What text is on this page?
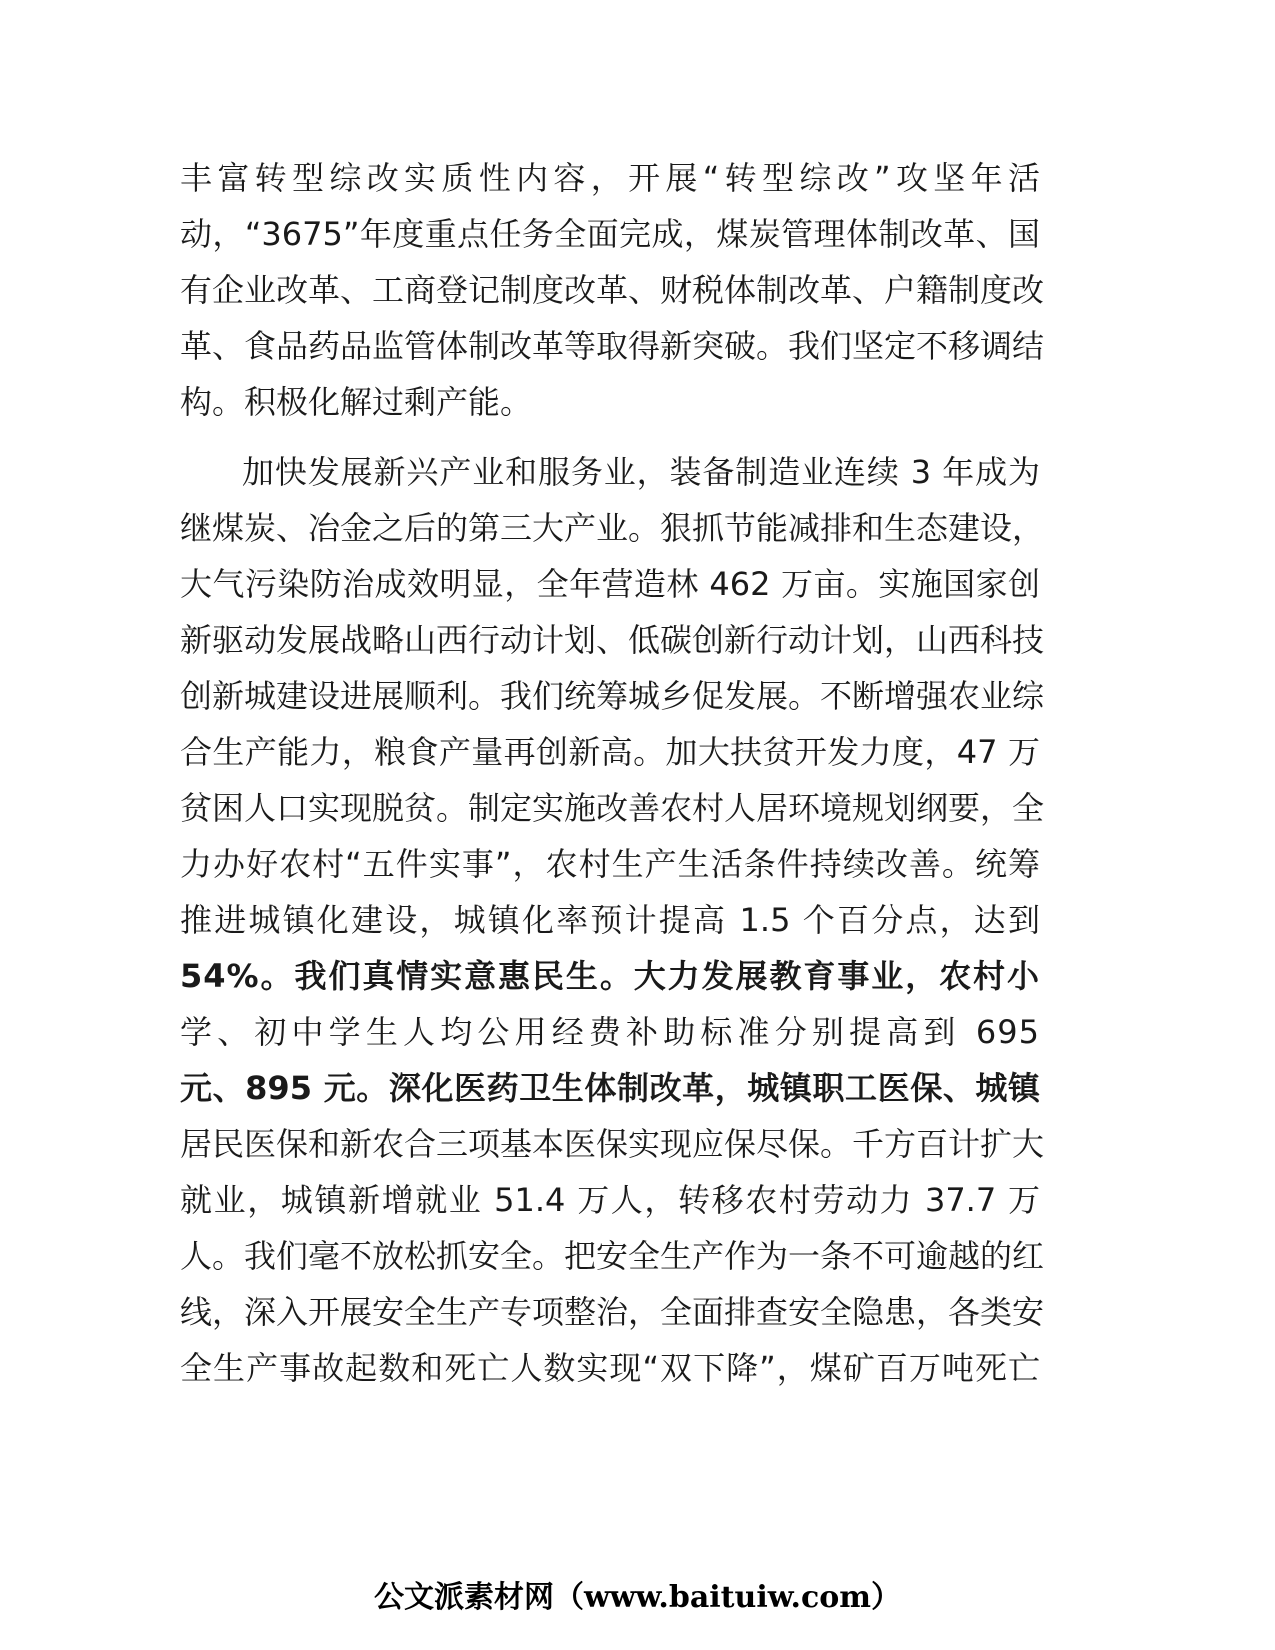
丰富转型综改实质性内容，开展“转型综改”攻坚年活
动，“3675”年度重点任务全面完成，煤炭管理体制改革、国
有企业改革、工商登记制度改革、财税体制改革、户籍制度改
革、食品药品监管体制改革等取得新突破。我们坚定不移调结
构。积极化解过剩产能。
加快发展新兴产业和服务业，装备制造业连续 3 年成为
继煤炭、冶金之后的第三大产业。狠抓节能减排和生态建设，
大气污染防治成效明显，全年营造林 462 万亩。实施国家创
新驱动发展战略山西行动计划、低碳创新行动计划，山西科技
创新城建设进展顺利。我们统筹城乡促发展。不断增强农业综
合生产能力，粮食产量再创新高。加大扶贫开发力度，47 万
贫困人口实现脱贫。制定实施改善农村人居环境规划纲要，全
力办好农村“五件实事”，农村生产生活条件持续改善。统筹
推进城镇化建设，城镇化率预计提高 1.5 个百分点，达到
54%。我们真情实意惠民生。大力发展教育事业，农村小
学、初中学生人均公用经费补助标准分别提高到 695
元、895 元。深化医药卫生体制改革，城镇职工医保、城镇
居民医保和新农合三项基本医保实现应保尽保。千方百计扩大
就业，城镇新增就业 51.4 万人，转移农村劳动力 37.7 万
人。我们毫不放松抓安全。把安全生产作为一条不可逾越的红
线，深入开展安全生产专项整治，全面排查安全隐患，各类安
全生产事故起数和死亡人数实现“双下降”，煤矿百万吨死亡
公文派素材网（www.baituiw.com）
